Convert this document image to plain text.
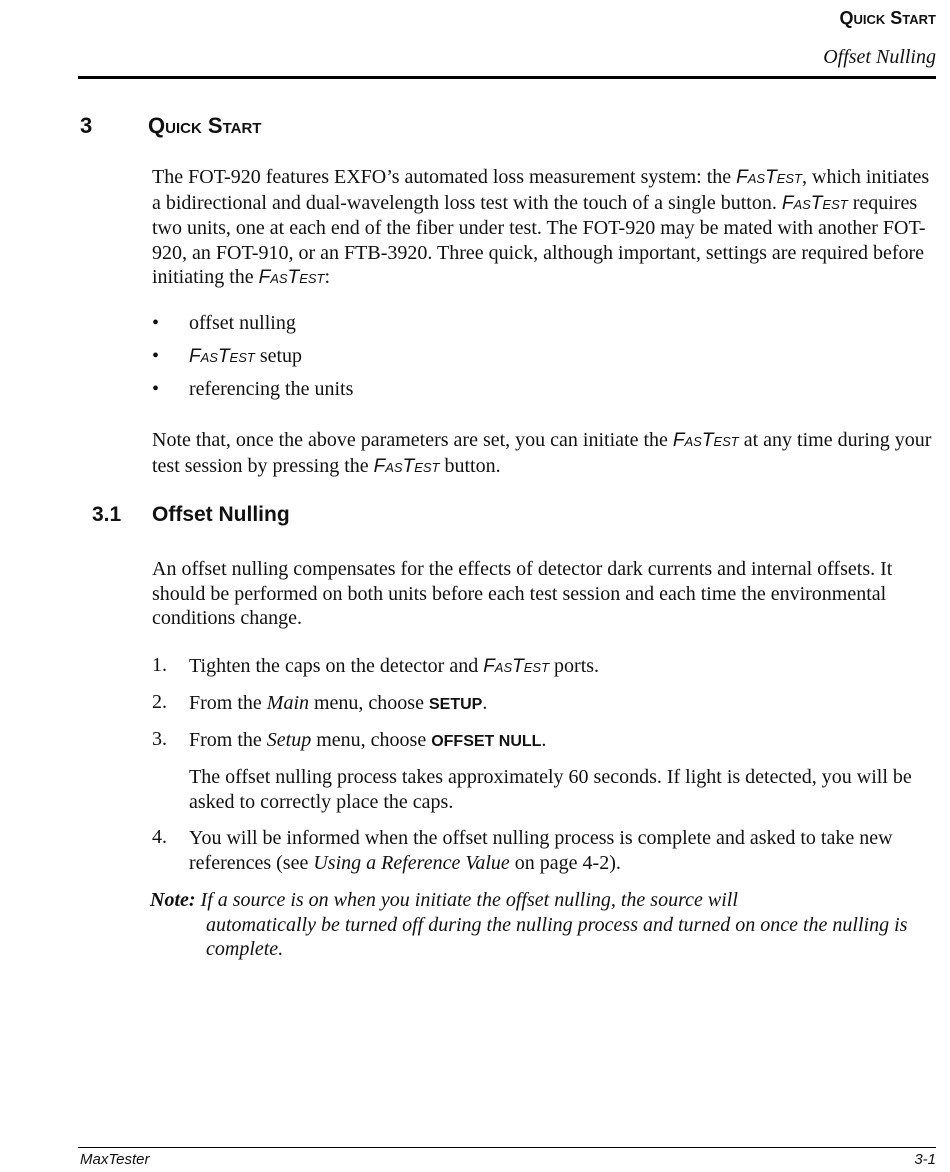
Quick Start
Offset Nulling
3	Quick Start
The FOT-920 features EXFO’s automated loss measurement system: the FasTest, which initiates a bidirectional and dual-wavelength loss test with the touch of a single button. FasTest requires two units, one at each end of the fiber under test. The FOT-920 may be mated with another FOT-920, an FOT-910, or an FTB-3920. Three quick, although important, settings are required before initiating the FasTest:
• offset nulling
• FasTest setup
• referencing the units
Note that, once the above parameters are set, you can initiate the FasTest at any time during your test session by pressing the FasTest button.
3.1 Offset Nulling
An offset nulling compensates for the effects of detector dark currents and internal offsets. It should be performed on both units before each test session and each time the environmental conditions change.
1. Tighten the caps on the detector and FasTest ports.
2. From the Main menu, choose SETUP.
3. From the Setup menu, choose OFFSET NULL.
The offset nulling process takes approximately 60 seconds. If light is detected, you will be asked to correctly place the caps.
4. You will be informed when the offset nulling process is complete and asked to take new references (see Using a Reference Value on page 4-2).
Note: If a source is on when you initiate the offset nulling, the source will
automatically be turned off during the nulling process and turned on once the nulling is complete.
MaxTester	3-1
